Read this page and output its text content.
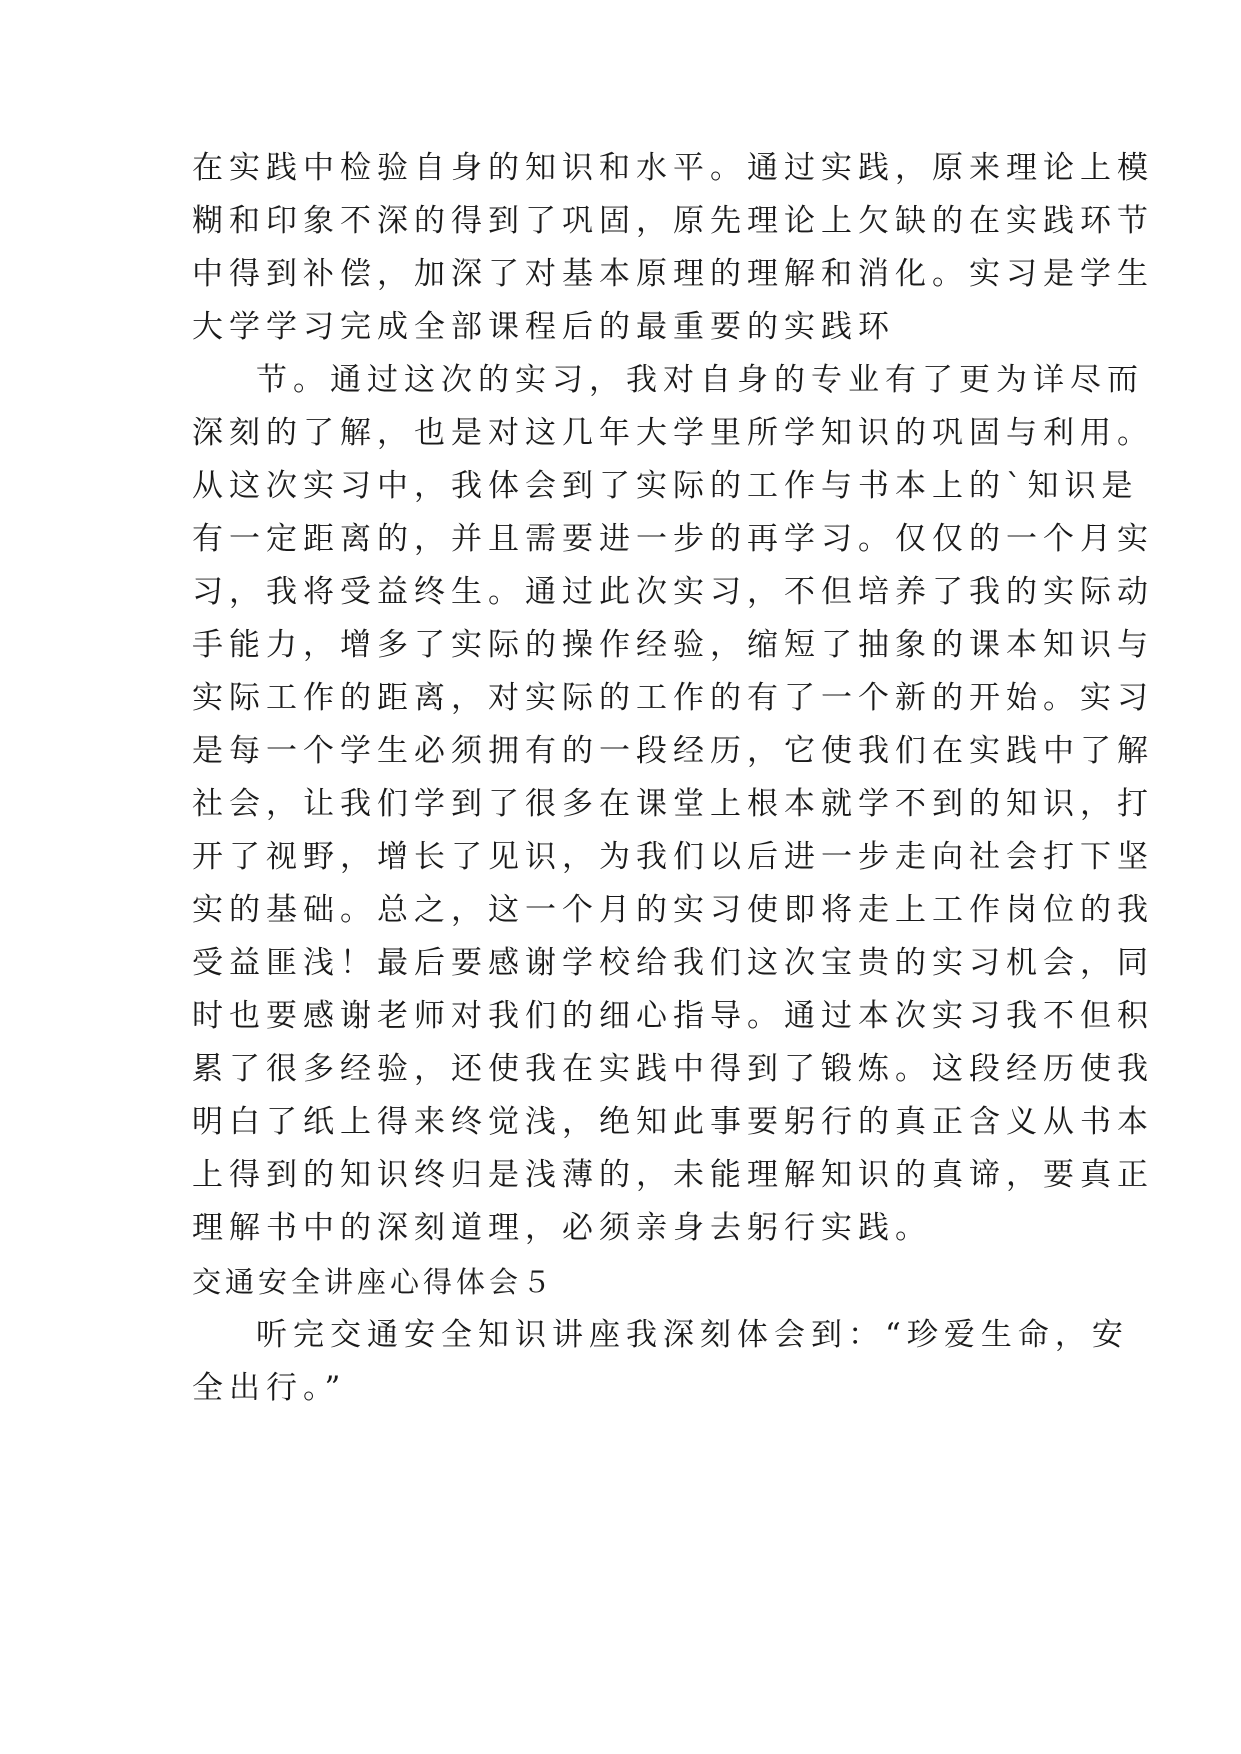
在实践中检验自身的知识和水平。通过实践，原来理论上模
糊和印象不深的得到了巩固，原先理论上欠缺的在实践环节
中得到补偿，加深了对基本原理的理解和消化。实习是学生
大学学习完成全部课程后的最重要的实践环
节。通过这次的实习，我对自身的专业有了更为详尽而
深刻的了解，也是对这几年大学里所学知识的巩固与利用。
从这次实习中，我体会到了实际的工作与书本上的`知识是
有一定距离的，并且需要进一步的再学习。仅仅的一个月实
习，我将受益终生。通过此次实习，不但培养了我的实际动
手能力，增多了实际的操作经验，缩短了抽象的课本知识与
实际工作的距离，对实际的工作的有了一个新的开始。实习
是每一个学生必须拥有的一段经历，它使我们在实践中了解
社会，让我们学到了很多在课堂上根本就学不到的知识，打
开了视野，增长了见识，为我们以后进一步走向社会打下坚
实的基础。总之，这一个月的实习使即将走上工作岗位的我
受益匪浅！最后要感谢学校给我们这次宝贵的实习机会，同
时也要感谢老师对我们的细心指导。通过本次实习我不但积
累了很多经验，还使我在实践中得到了锻炼。这段经历使我
明白了纸上得来终觉浅，绝知此事要躬行的真正含义从书本
上得到的知识终归是浅薄的，未能理解知识的真谛，要真正
理解书中的深刻道理，必须亲身去躬行实践。
交通安全讲座心得体会５
听完交通安全知识讲座我深刻体会到：“珍爱生命，安
全出行。”
